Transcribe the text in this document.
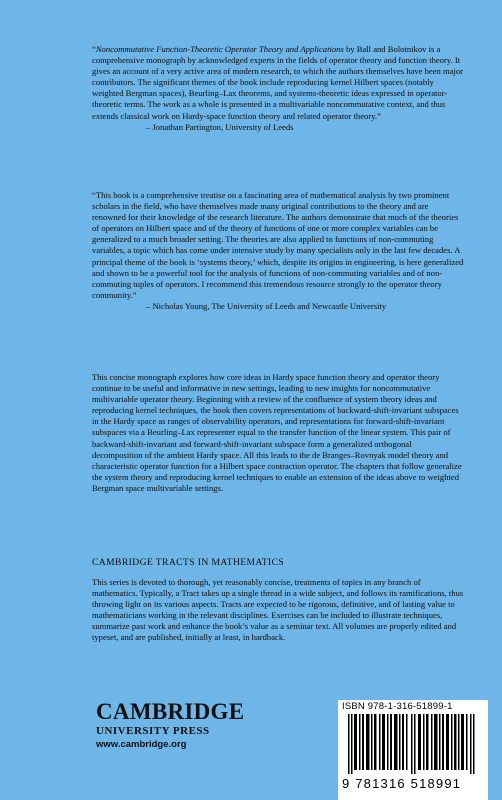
“Noncommutative Function-Theoretic Operator Theory and Applications by Ball and Bolotnikov is a comprehensive monograph by acknowledged experts in the fields of operator theory and function theory. It gives an account of a very active area of modern research, to which the authors themselves have been major contributors. The significant themes of the book include reproducing kernel Hilbert spaces (notably weighted Bergman spaces), Beurling–Lax theorems, and systems-theoretic ideas expressed in operator-theoretic terms. The work as a whole is presented in a multivariable noncommutative context, and thus extends classical work on Hardy-space function theory and related operator theory.”

– Jonathan Partington, University of Leeds

“This book is a comprehensive treatise on a fascinating area of mathematical analysis by two prominent scholars in the field, who have themselves made many original contributions to the theory and are renowned for their knowledge of the research literature. The authors demonstrate that much of the theories of operators on Hilbert space and of the theory of functions of one or more complex variables can be generalized to a much broader setting. The theories are also applied to functions of non-commuting variables, a topic which has come under intensive study by many specialists only in the last few decades. A principal theme of the book is ‘systems theory,’ which, despite its origins in engineering, is here generalized and shown to be a powerful tool for the analysis of functions of non-commuting variables and of non-commuting tuples of operators. I recommend this tremendous resource strongly to the operator theory community.”

– Nicholas Young, The University of Leeds and Newcastle University

This concise monograph explores how core ideas in Hardy space function theory and operator theory continue to be useful and informative in new settings, leading to new insights for noncommutative multivariable operator theory. Beginning with a review of the confluence of system theory ideas and reproducing kernel techniques, the book then covers representations of backward-shift-invariant subspaces in the Hardy space as ranges of observability operators, and representations for forward-shift-invariant subspaces via a Beurling–Lax representer equal to the transfer function of the linear system. This pair of backward-shift-invariant and forward-shift-invariant subspace form a generalized orthogonal decomposition of the ambient Hardy space. All this leads to the de Branges–Rovnyak model theory and characteristic operator function for a Hilbert space contraction operator. The chapters that follow generalize the system theory and reproducing kernel techniques to enable an extension of the ideas above to weighted Bergman space multivariable settings.

CAMBRIDGE TRACTS IN MATHEMATICS

This series is devoted to thorough, yet reasonably concise, treatments of topics in any branch of mathematics. Typically, a Tract takes up a single thread in a wide subject, and follows its ramifications, thus throwing light on its various aspects. Tracts are expected to be rigorous, definitive, and of lasting value to mathematicians working in the relevant disciplines. Exercises can be included to illustrate techniques, summarize past work and enhance the book’s value as a seminar text. All volumes are properly edited and typeset, and are published, initially at least, in hardback.

CAMBRIDGE
UNIVERSITY PRESS
www.cambridge.org
ISBN 978-1-316-51899-1
9 781316 518991
